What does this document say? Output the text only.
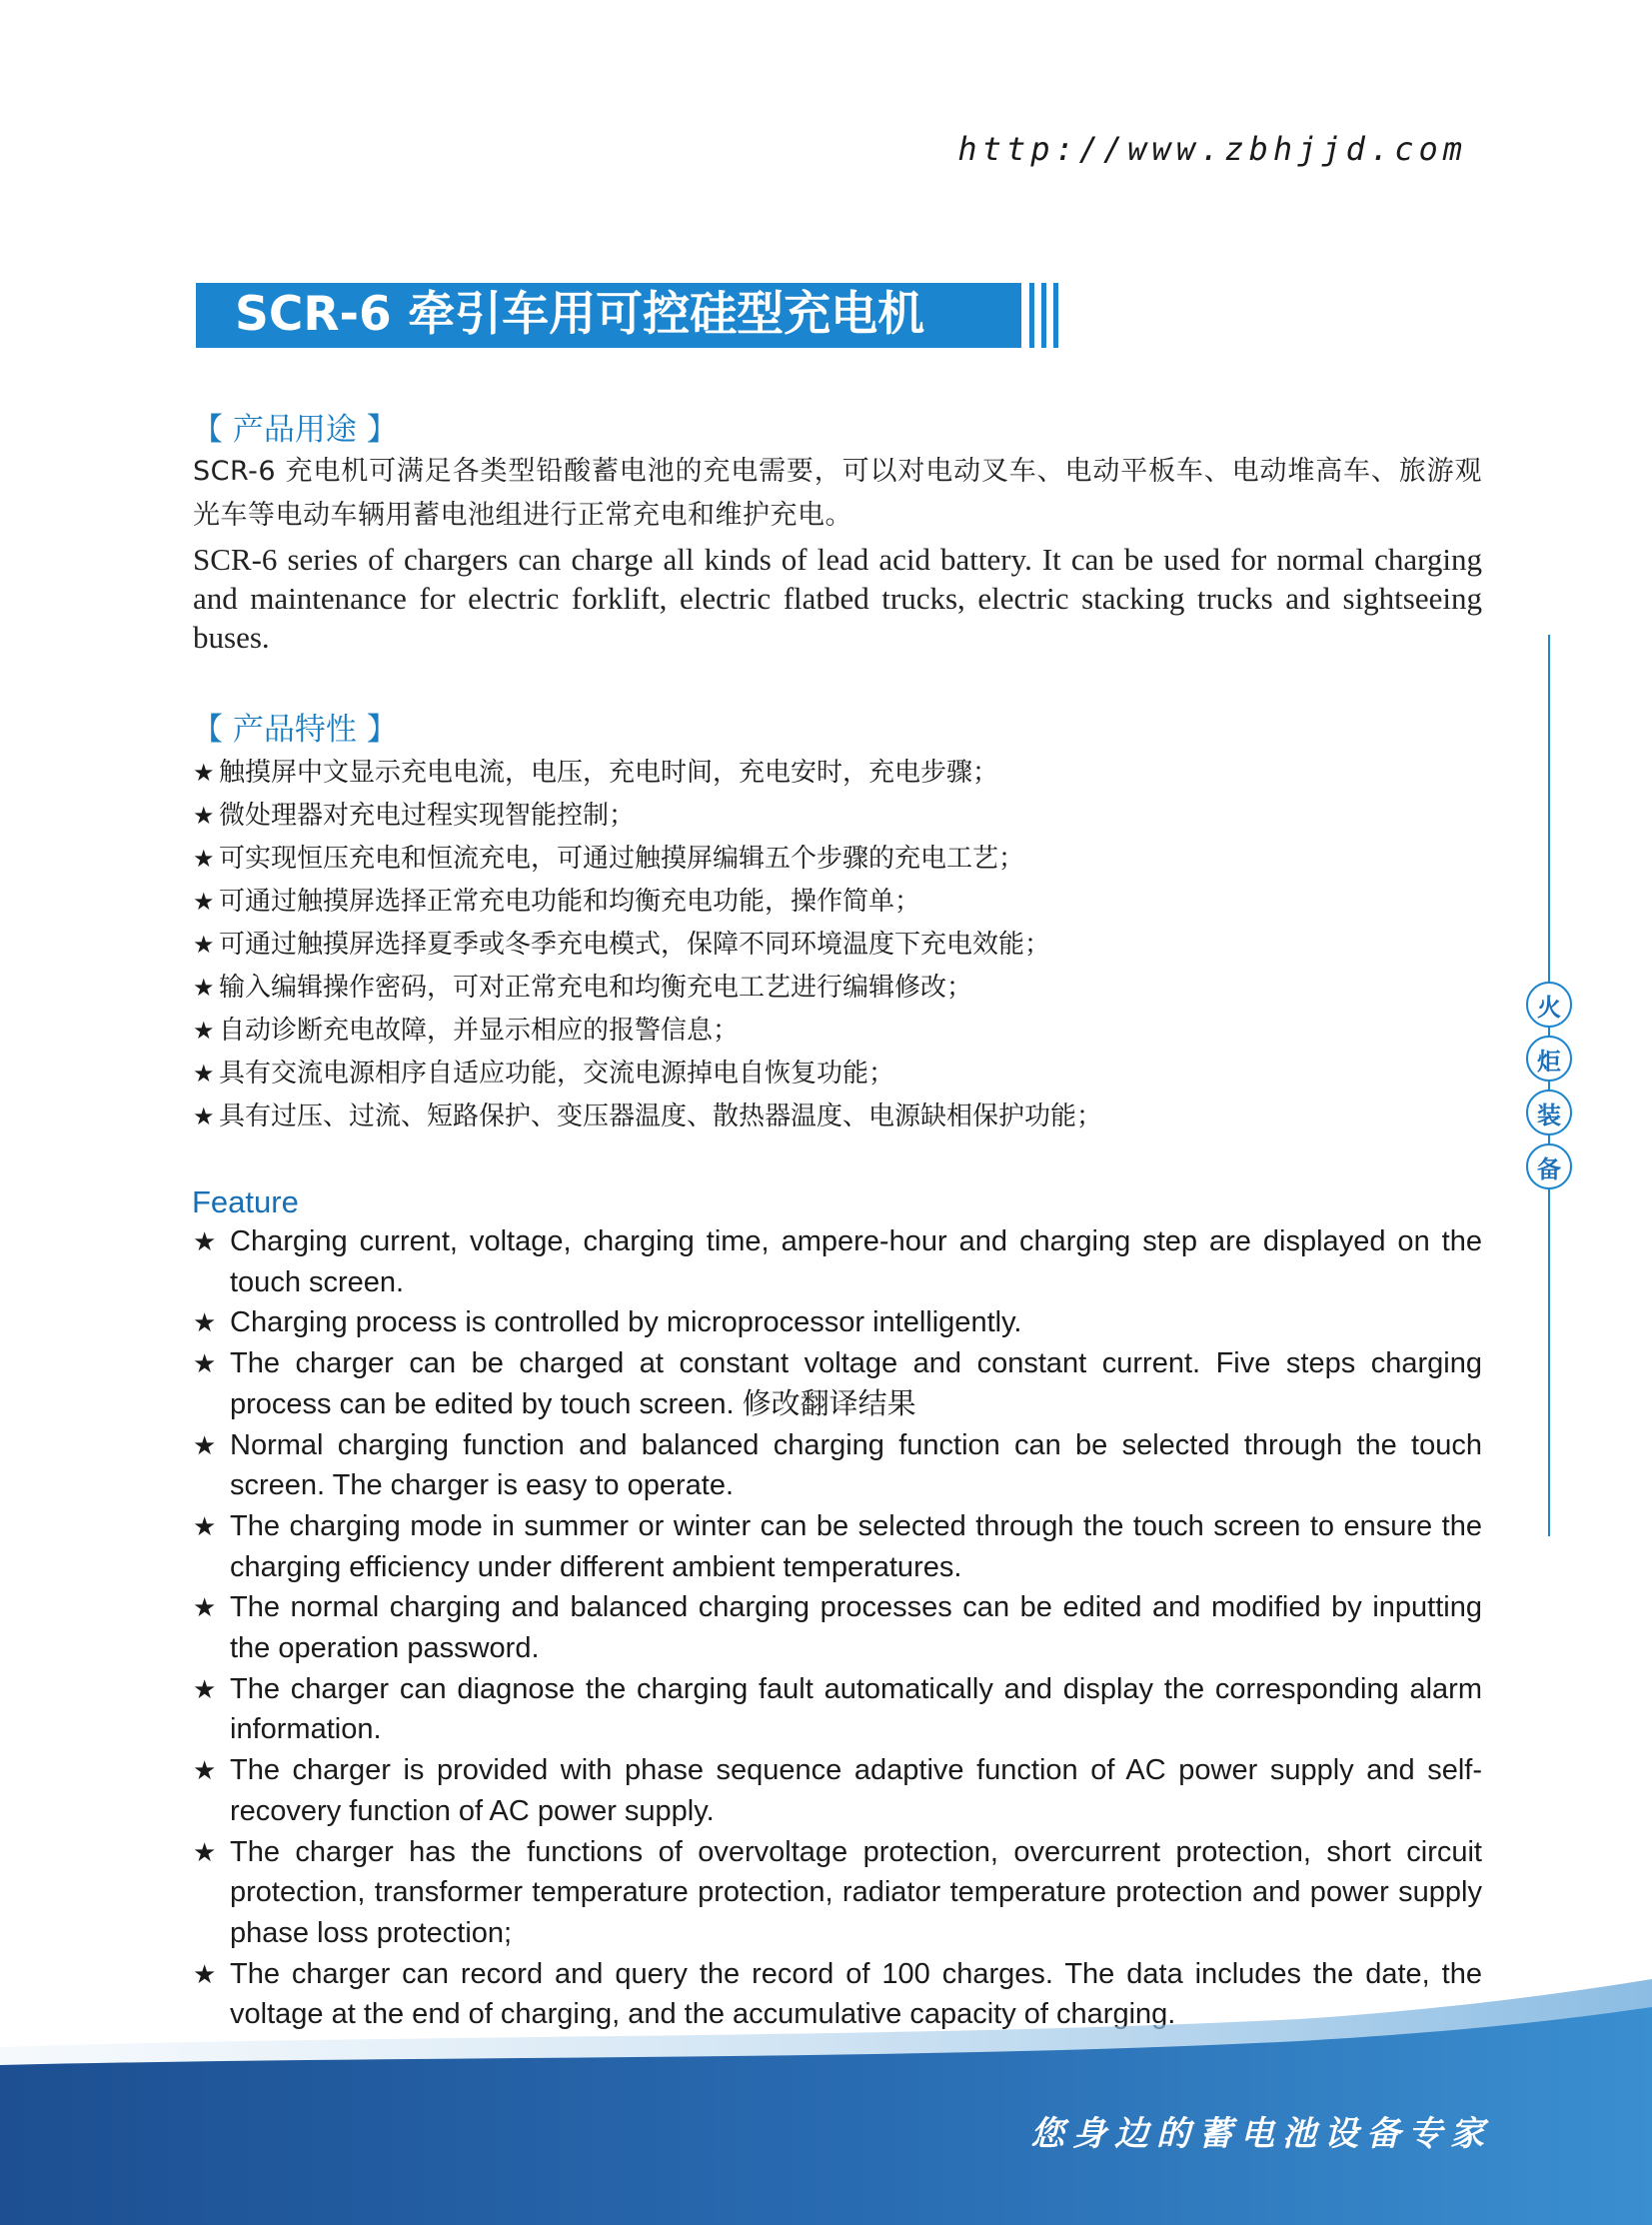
http://www.zbhjjd.com
SCR-6 牵引车用可控硅型充电机
【 产品用途 】
SCR-6 充电机可满足各类型铅酸蓄电池的充电需要，可以对电动叉车、电动平板车、电动堆高车、旅游观光车等电动车辆用蓄电池组进行正常充电和维护充电。
SCR-6 series of chargers can charge all kinds of lead acid battery. It can be used for normal charging and maintenance for electric forklift, electric flatbed trucks, electric stacking trucks and sightseeing buses.
【 产品特性 】
★ 触摸屏中文显示充电电流，电压，充电时间，充电安时，充电步骤；
★ 微处理器对充电过程实现智能控制；
★ 可实现恒压充电和恒流充电，可通过触摸屏编辑五个步骤的充电工艺；
★ 可通过触摸屏选择正常充电功能和均衡充电功能，操作简单；
★ 可通过触摸屏选择夏季或冬季充电模式，保障不同环境温度下充电效能；
★ 输入编辑操作密码，可对正常充电和均衡充电工艺进行编辑修改；
★ 自动诊断充电故障，并显示相应的报警信息；
★ 具有交流电源相序自适应功能，交流电源掉电自恢复功能；
★ 具有过压、过流、短路保护、变压器温度、散热器温度、电源缺相保护功能；
Feature
★ Charging current, voltage, charging time, ampere-hour and charging step are displayed on the touch screen.
★ Charging process is controlled by microprocessor intelligently.
★ The charger can be charged at constant voltage and constant current. Five steps charging process can be edited by touch screen. 修改翻译结果
★ Normal charging function and balanced charging function can be selected through the touch screen. The charger is easy to operate.
★ The charging mode in summer or winter can be selected through the touch screen to ensure the charging efficiency under different ambient temperatures.
★ The normal charging and balanced charging processes can be edited and modified by inputting the operation password.
★ The charger can diagnose the charging fault automatically and display the corresponding alarm information.
★ The charger is provided with phase sequence adaptive function of AC power supply and self-recovery function of AC power supply.
★ The charger has the functions of overvoltage protection, overcurrent protection, short circuit protection, transformer temperature protection, radiator temperature protection and power supply phase loss protection;
★ The charger can record and query the record of 100 charges. The data includes the date, the voltage at the end of charging, and the accumulative capacity of charging.
火
炬
装
备
您身边的蓄电池设备专家
